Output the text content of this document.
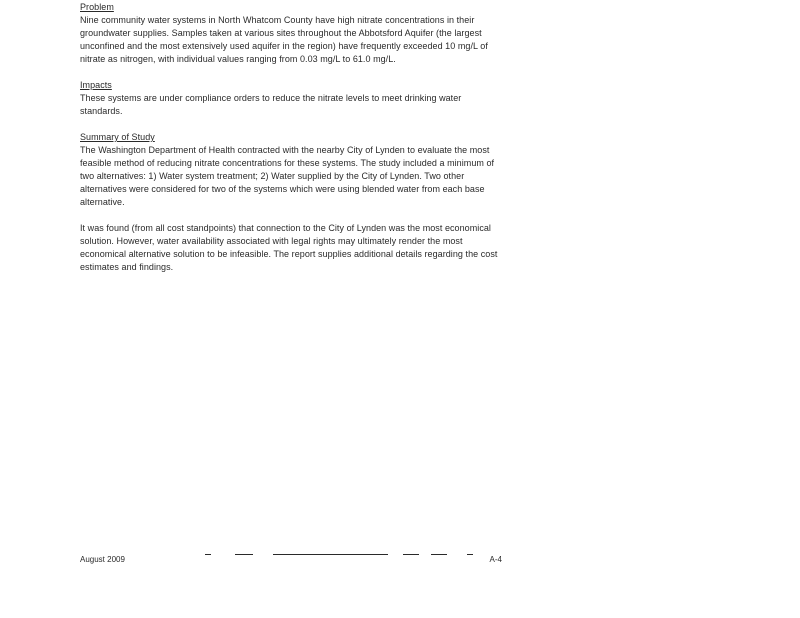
Problem

Nine community water systems in North Whatcom County have high nitrate concentrations in their groundwater supplies. Samples taken at various sites throughout the Abbotsford Aquifer (the largest unconfined and the most extensively used aquifer in the region) have frequently exceeded 10 mg/L of nitrate as nitrogen, with individual values ranging from 0.03 mg/L to 61.0 mg/L.

Impacts

These systems are under compliance orders to reduce the nitrate levels to meet drinking water standards.

Summary of Study

The Washington Department of Health contracted with the nearby City of Lynden to evaluate the most feasible method of reducing nitrate concentrations for these systems. The study included a minimum of two alternatives: 1) Water system treatment; 2) Water supplied by the City of Lynden. Two other alternatives were considered for two of the systems which were using blended water from each base alternative.

It was found (from all cost standpoints) that connection to the City of Lynden was the most economical solution. However, water availability associated with legal rights may ultimately render the most economical alternative solution to be infeasible. The report supplies additional details regarding the cost estimates and findings.

August 2009	A-4
